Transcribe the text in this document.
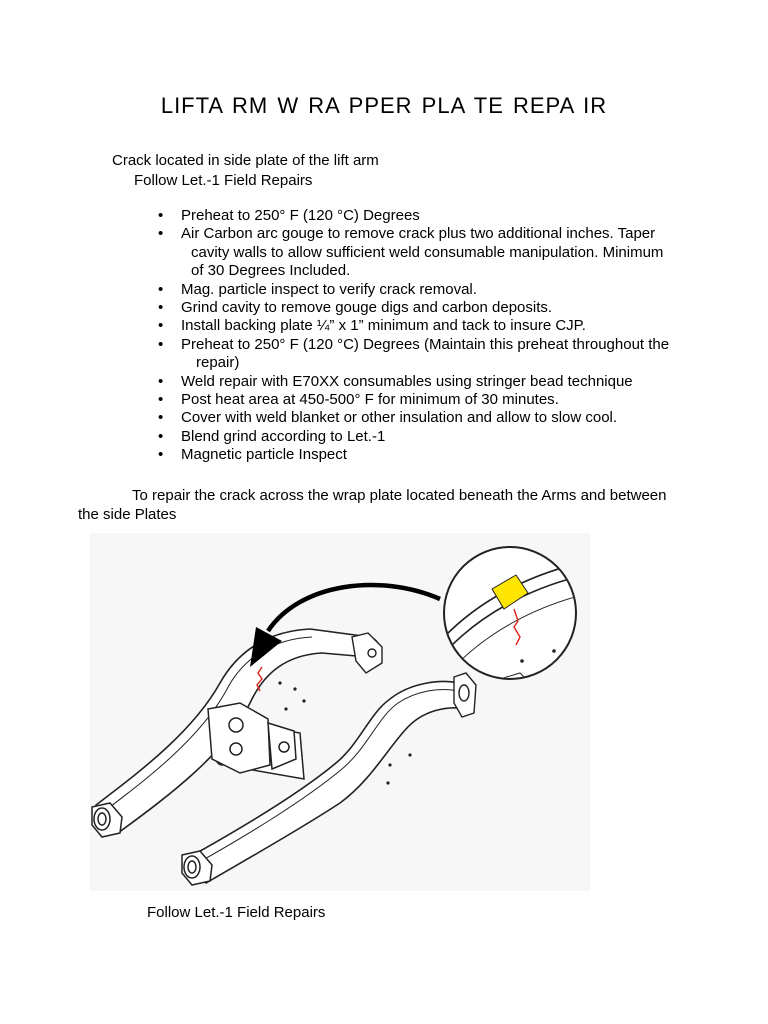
LIFTA RM W RA PPER PLA TE REPA IR
Crack located in side plate of the lift arm
Follow Let.-1 Field Repairs
• Preheat to 250° F (120 °C) Degrees
• Air Carbon arc gouge to remove crack plus two additional inches. Taper
cavity walls to allow sufficient weld consumable manipulation. Minimum
of 30 Degrees Included.
• Mag. particle inspect to verify crack removal.
• Grind cavity to remove gouge digs and carbon deposits.
• Install backing plate ¼” x 1” minimum and tack to insure CJP.
• Preheat to 250° F (120 °C) Degrees (Maintain this preheat throughout the
repair)
• Weld repair with E70XX consumables using stringer bead technique
• Post heat area at 450-500° F for minimum of 30 minutes.
• Cover with weld blanket or other insulation and allow to slow cool.
• Blend grind according to Let.-1
• Magnetic particle Inspect
To repair the crack across the wrap plate located beneath the Arms and between the side Plates
Follow Let.-1 Field Repairs
